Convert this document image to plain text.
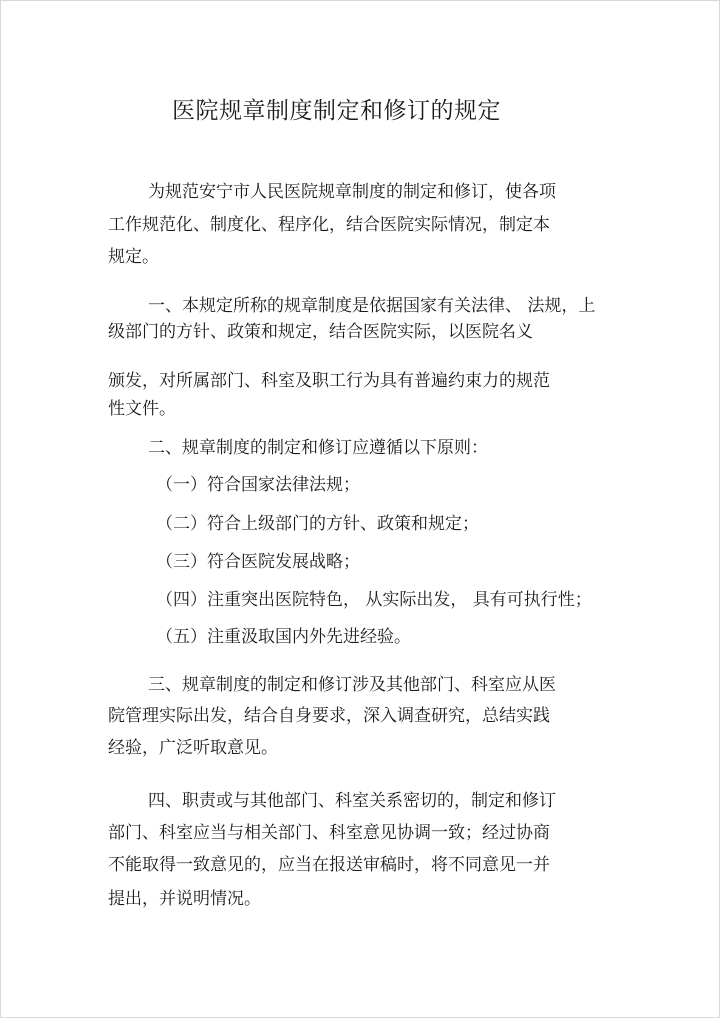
医院规章制度制定和修订的规定
为规范安宁市人民医院规章制度的制定和修订，使各项
工作规范化、制度化、程序化，结合医院实际情况，制定本
规定。
一、本规定所称的规章制度是依据国家有关法律、 法规，上
级部门的方针、政策和规定，结合医院实际，以医院名义
颁发，对所属部门、科室及职工行为具有普遍约束力的规范
性文件。
二、规章制度的制定和修订应遵循以下原则：
（一）符合国家法律法规；
（二）符合上级部门的方针、政策和规定；
（三）符合医院发展战略；
（四）注重突出医院特色， 从实际出发， 具有可执行性；
（五）注重汲取国内外先进经验。
三、规章制度的制定和修订涉及其他部门、科室应从医
院管理实际出发，结合自身要求，深入调查研究，总结实践
经验，广泛听取意见。
四、职责或与其他部门、科室关系密切的，制定和修订
部门、科室应当与相关部门、科室意见协调一致；经过协商
不能取得一致意见的，应当在报送审稿时，将不同意见一并
提出，并说明情况。
